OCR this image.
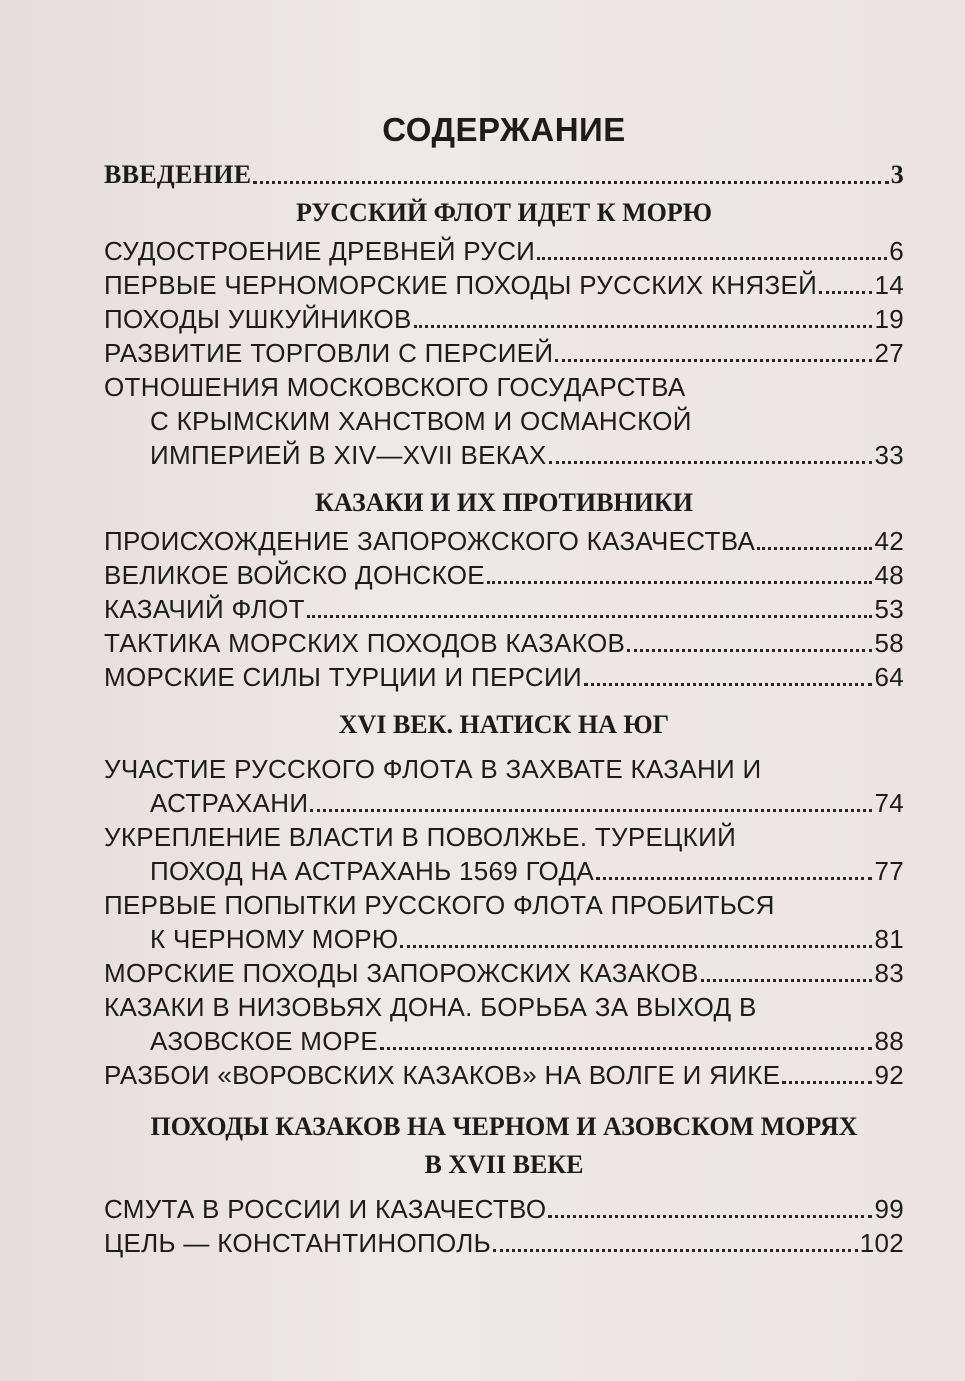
СОДЕРЖАНИЕ
ВВЕДЕНИЕ	3
РУССКИЙ ФЛОТ ИДЕТ К МОРЮ
СУДОСТРОЕНИЕ ДРЕВНЕЙ РУСИ	6
ПЕРВЫЕ ЧЕРНОМОРСКИЕ ПОХОДЫ РУССКИХ КНЯЗЕЙ 14
ПОХОДЫ УШКУЙНИКОВ	19
РАЗВИТИЕ ТОРГОВЛИ С ПЕРСИЕЙ	27
ОТНОШЕНИЯ МОСКОВСКОГО ГОСУДАРСТВА
С КРЫМСКИМ ХАНСТВОМ И ОСМАНСКОЙ
ИМПЕРИЕЙ В XIV—XVII ВЕКАХ	33
КАЗАКИ И ИХ ПРОТИВНИКИ
ПРОИСХОЖДЕНИЕ ЗАПОРОЖСКОГО КАЗАЧЕСТВА	42
ВЕЛИКОЕ ВОЙСКО ДОНСКОЕ	48
КАЗАЧИЙ ФЛОТ	53
ТАКТИКА МОРСКИХ ПОХОДОВ КАЗАКОВ	58
МОРСКИЕ СИЛЫ ТУРЦИИ И ПЕРСИИ	64
XVI ВЕК. НАТИСК НА ЮГ
УЧАСТИЕ РУССКОГО ФЛОТА В ЗАХВАТЕ КАЗАНИ И
АСТРАХАНИ	74
УКРЕПЛЕНИЕ ВЛАСТИ В ПОВОЛЖЬЕ. ТУРЕЦКИЙ
ПОХОД НА АСТРАХАНЬ 1569 ГОДА	77
ПЕРВЫЕ ПОПЫТКИ РУССКОГО ФЛОТА ПРОБИТЬСЯ
К ЧЕРНОМУ МОРЮ	81
МОРСКИЕ ПОХОДЫ ЗАПОРОЖСКИХ КАЗАКОВ	83
КАЗАКИ В НИЗОВЬЯХ ДОНА. БОРЬБА ЗА ВЫХОД В
АЗОВСКОЕ МОРЕ	88
РАЗБОИ «ВОРОВСКИХ КАЗАКОВ» НА ВОЛГЕ И ЯИКЕ	92
ПОХОДЫ КАЗАКОВ НА ЧЕРНОМ И АЗОВСКОМ МОРЯХ
В XVII ВЕКЕ
СМУТА В РОССИИ И КАЗАЧЕСТВО	99
ЦЕЛЬ — КОНСТАНТИНОПОЛЬ	102
